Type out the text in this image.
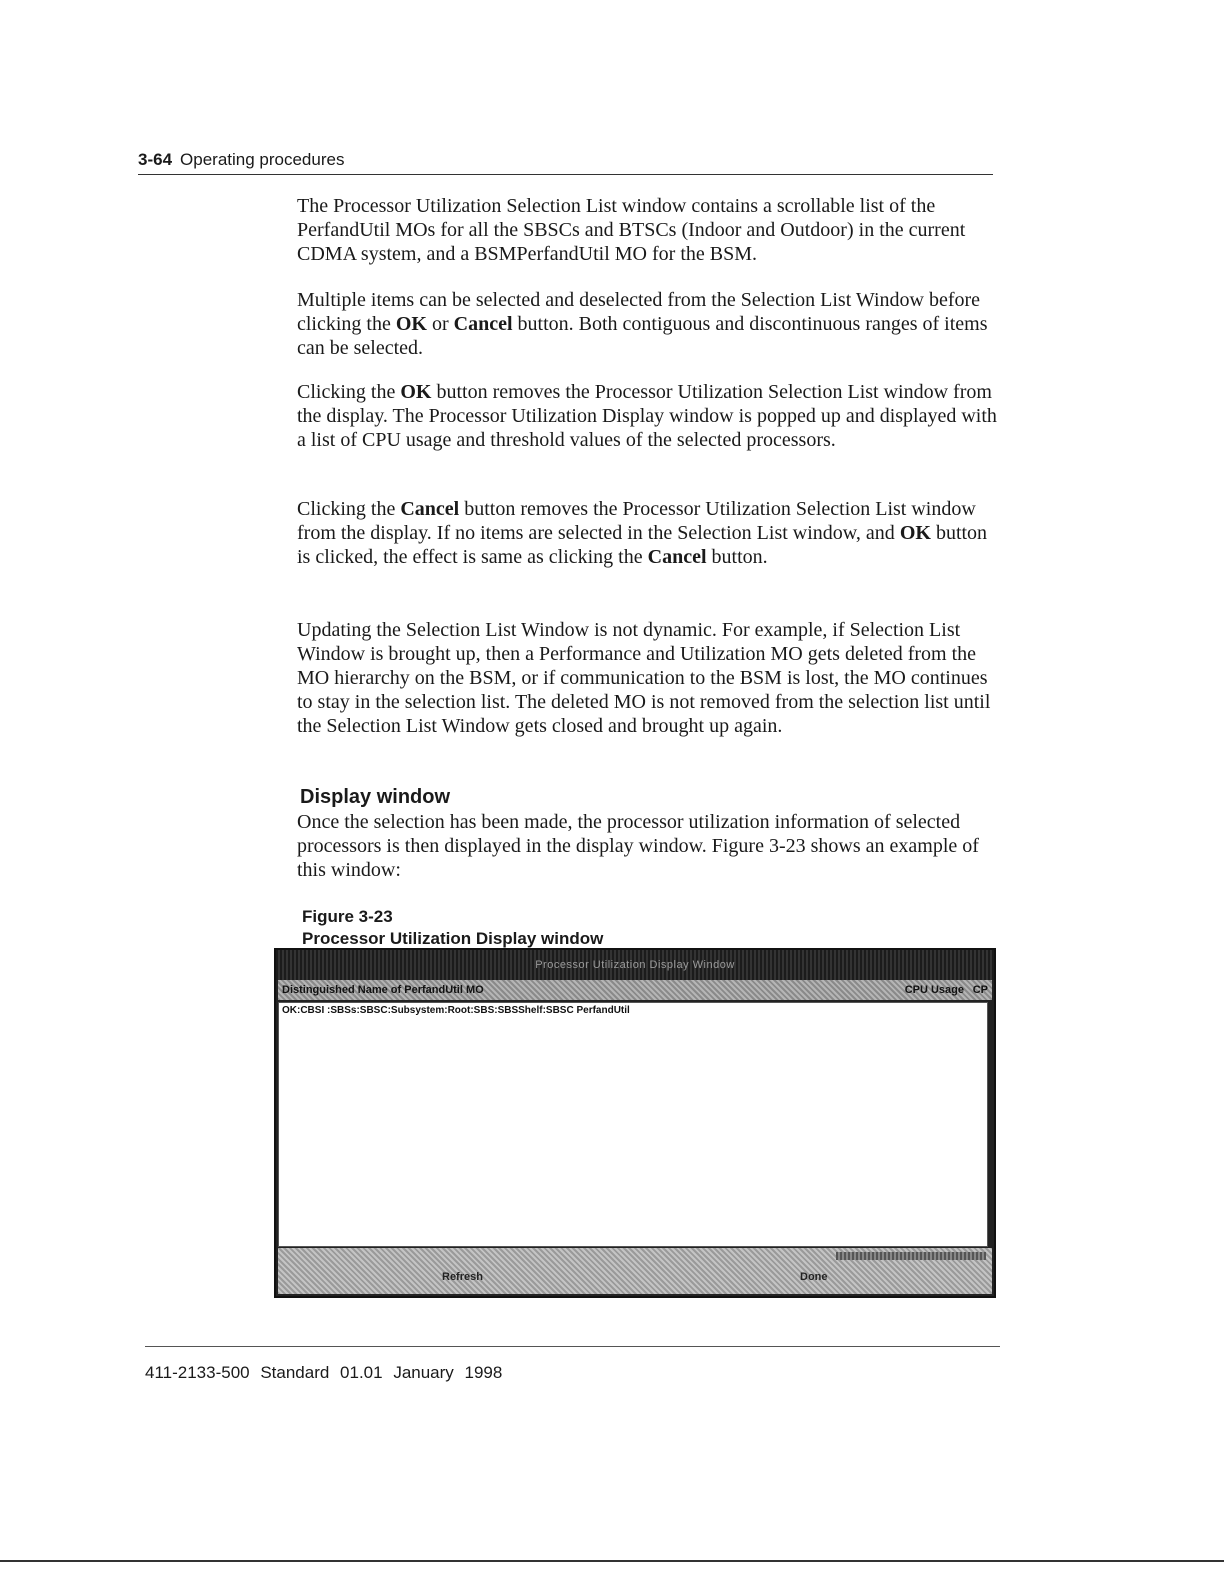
3-64 Operating procedures

The Processor Utilization Selection List window contains a scrollable list of the PerfandUtil MOs for all the SBSCs and BTSCs (Indoor and Outdoor) in the current CDMA system, and a BSMPerfandUtil MO for the BSM.

Multiple items can be selected and deselected from the Selection List Window before clicking the OK or Cancel button. Both contiguous and discontinuous ranges of items can be selected.

Clicking the OK button removes the Processor Utilization Selection List window from the display. The Processor Utilization Display window is popped up and displayed with a list of CPU usage and threshold values of the selected processors.

Clicking the Cancel button removes the Processor Utilization Selection List window from the display. If no items are selected in the Selection List window, and OK button is clicked, the effect is same as clicking the Cancel button.

Updating the Selection List Window is not dynamic. For example, if Selection List Window is brought up, then a Performance and Utilization MO gets deleted from the MO hierarchy on the BSM, or if communication to the BSM is lost, the MO continues to stay in the selection list. The deleted MO is not removed from the selection list until the Selection List Window gets closed and brought up again.

Display window

Once the selection has been made, the processor utilization information of selected processors is then displayed in the display window. Figure 3-23 shows an example of this window:

Figure 3-23
Processor Utilization Display window
Processor Utilization Display Window
Distinguished Name of PerfandUtil MO	CPU Usage CP
OK:CBSI :SBSs:SBSC:Subsystem:Root:SBS:SBSShelf:SBSC PerfandUtil
Refresh	Done
411-2133-500 Standard 01.01 January 1998
